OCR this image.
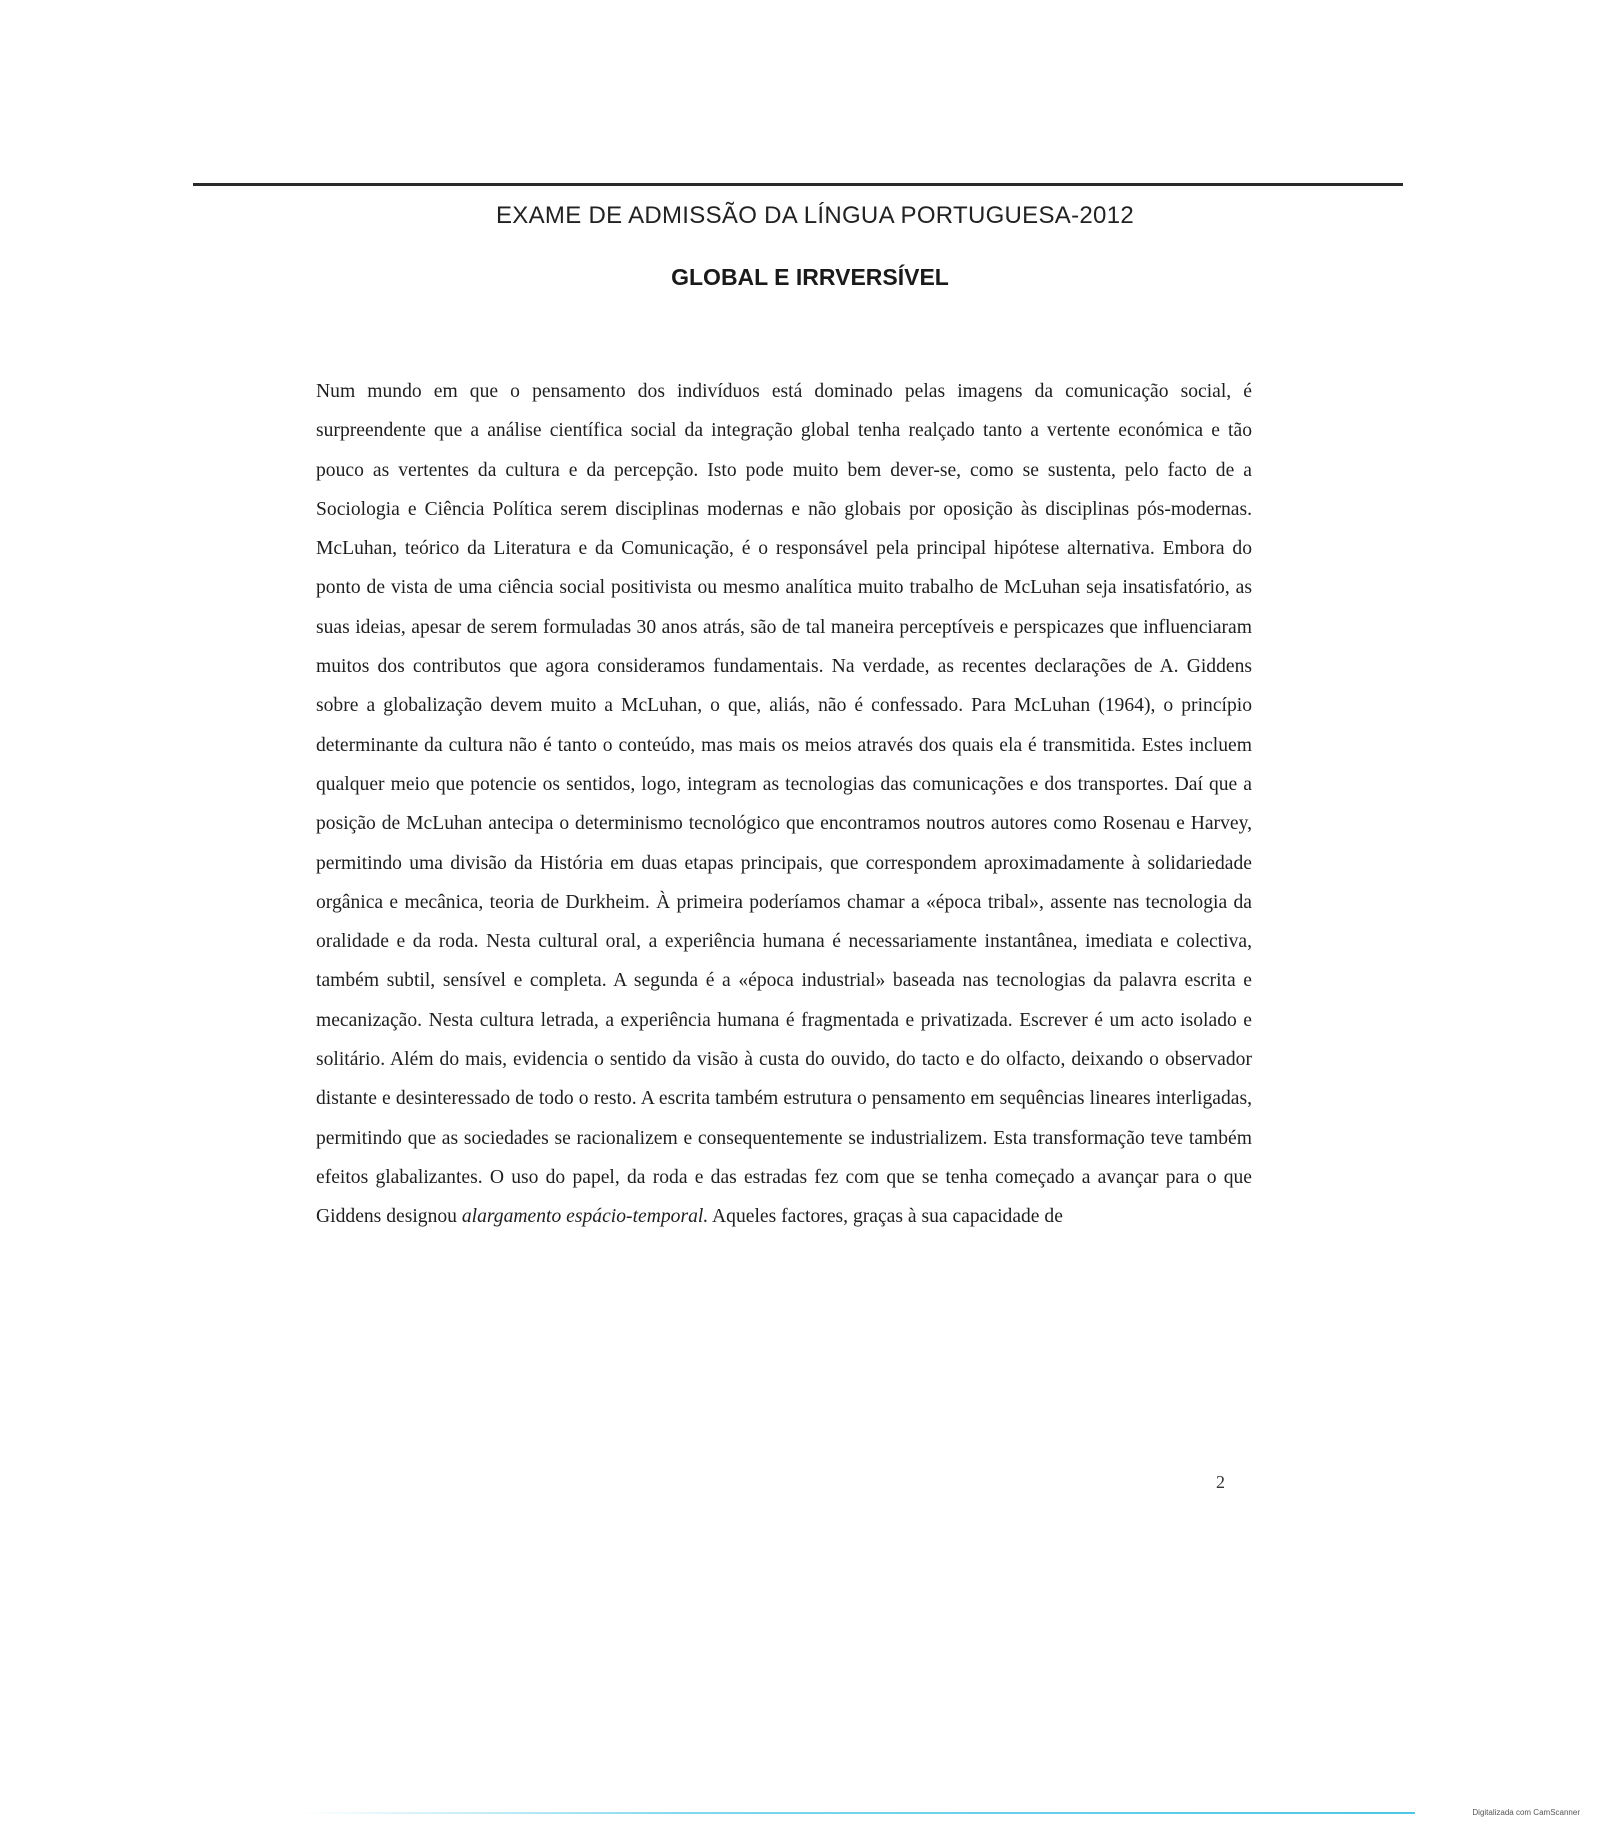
EXAME DE ADMISSÃO DA LÍNGUA PORTUGUESA-2012
GLOBAL E IRRVERSÍVEL

Num mundo em que o pensamento dos indivíduos está dominado pelas imagens da comunicação social, é surpreendente que a análise científica social da integração global tenha realçado tanto a vertente económica e tão pouco as vertentes da cultura e da percepção. Isto pode muito bem dever-se, como se sustenta, pelo facto de a Sociologia e Ciência Política serem disciplinas modernas e não globais por oposição às disciplinas pós-modernas. McLuhan, teórico da Literatura e da Comunicação, é o responsável pela principal hipótese alternativa. Embora do ponto de vista de uma ciência social positivista ou mesmo analítica muito trabalho de McLuhan seja insatisfatório, as suas ideias, apesar de serem formuladas 30 anos atrás, são de tal maneira perceptíveis e perspicazes que influenciaram muitos dos contributos que agora consideramos fundamentais. Na verdade, as recentes declarações de A. Giddens sobre a globalização devem muito a McLuhan, o que, aliás, não é confessado. Para McLuhan (1964), o princípio determinante da cultura não é tanto o conteúdo, mas mais os meios através dos quais ela é transmitida. Estes incluem qualquer meio que potencie os sentidos, logo, integram as tecnologias das comunicações e dos transportes. Daí que a posição de McLuhan antecipa o determinismo tecnológico que encontramos noutros autores como Rosenau e Harvey, permitindo uma divisão da História em duas etapas principais, que correspondem aproximadamente à solidariedade orgânica e mecânica, teoria de Durkheim. À primeira poderíamos chamar a «época tribal», assente nas tecnologia da oralidade e da roda. Nesta cultural oral, a experiência humana é necessariamente instantânea, imediata e colectiva, também subtil, sensível e completa. A segunda é a «época industrial» baseada nas tecnologias da palavra escrita e mecanização. Nesta cultura letrada, a experiência humana é fragmentada e privatizada. Escrever é um acto isolado e solitário. Além do mais, evidencia o sentido da visão à custa do ouvido, do tacto e do olfacto, deixando o observador distante e desinteressado de todo o resto. A escrita também estrutura o pensamento em sequências lineares interligadas, permitindo que as sociedades se racionalizem e consequentemente se industrializem. Esta transformação teve também efeitos glabalizantes. O uso do papel, da roda e das estradas fez com que se tenha começado a avançar para o que Giddens designou alargamento espácio-temporal. Aqueles factores, graças à sua capacidade de

2
Digitalizada com CamScanner
